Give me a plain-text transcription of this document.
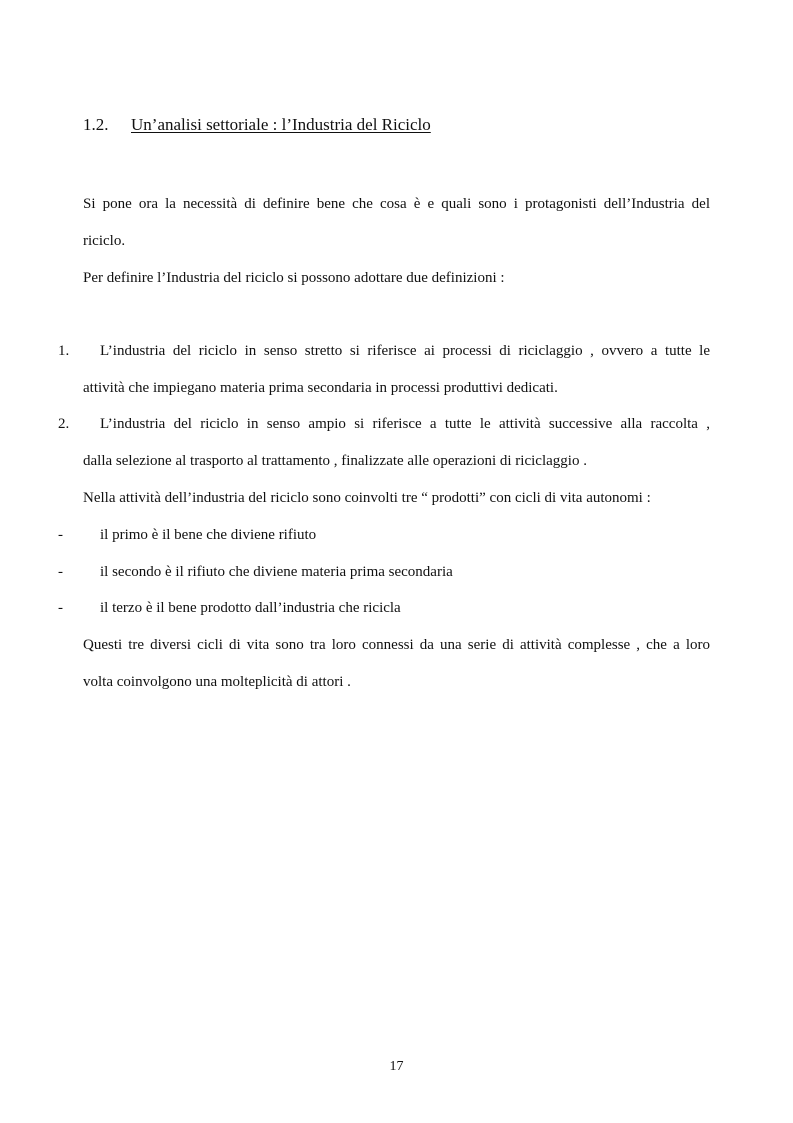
1.2. Un’analisi settoriale : l’Industria del Riciclo
Si pone ora la necessità di definire bene che cosa è e quali sono i protagonisti dell’Industria del
riciclo.
Per definire l’Industria del riciclo si possono adottare due definizioni :
1. L’industria del riciclo in senso stretto si riferisce ai processi di riciclaggio , ovvero a tutte le
attività che impiegano materia prima secondaria in processi produttivi dedicati.
2. L’industria del riciclo in senso ampio si riferisce a tutte le attività successive alla raccolta ,
dalla selezione al trasporto al trattamento , finalizzate alle operazioni di riciclaggio .
Nella attività dell’industria del riciclo sono coinvolti tre “ prodotti” con cicli di vita autonomi :
- il primo è il bene che diviene rifiuto
- il secondo è il rifiuto che diviene materia prima secondaria
- il terzo è il bene prodotto dall’industria che ricicla
Questi tre diversi cicli di vita sono tra loro connessi da una serie di attività complesse , che a loro
volta coinvolgono una molteplicità di attori .
17
